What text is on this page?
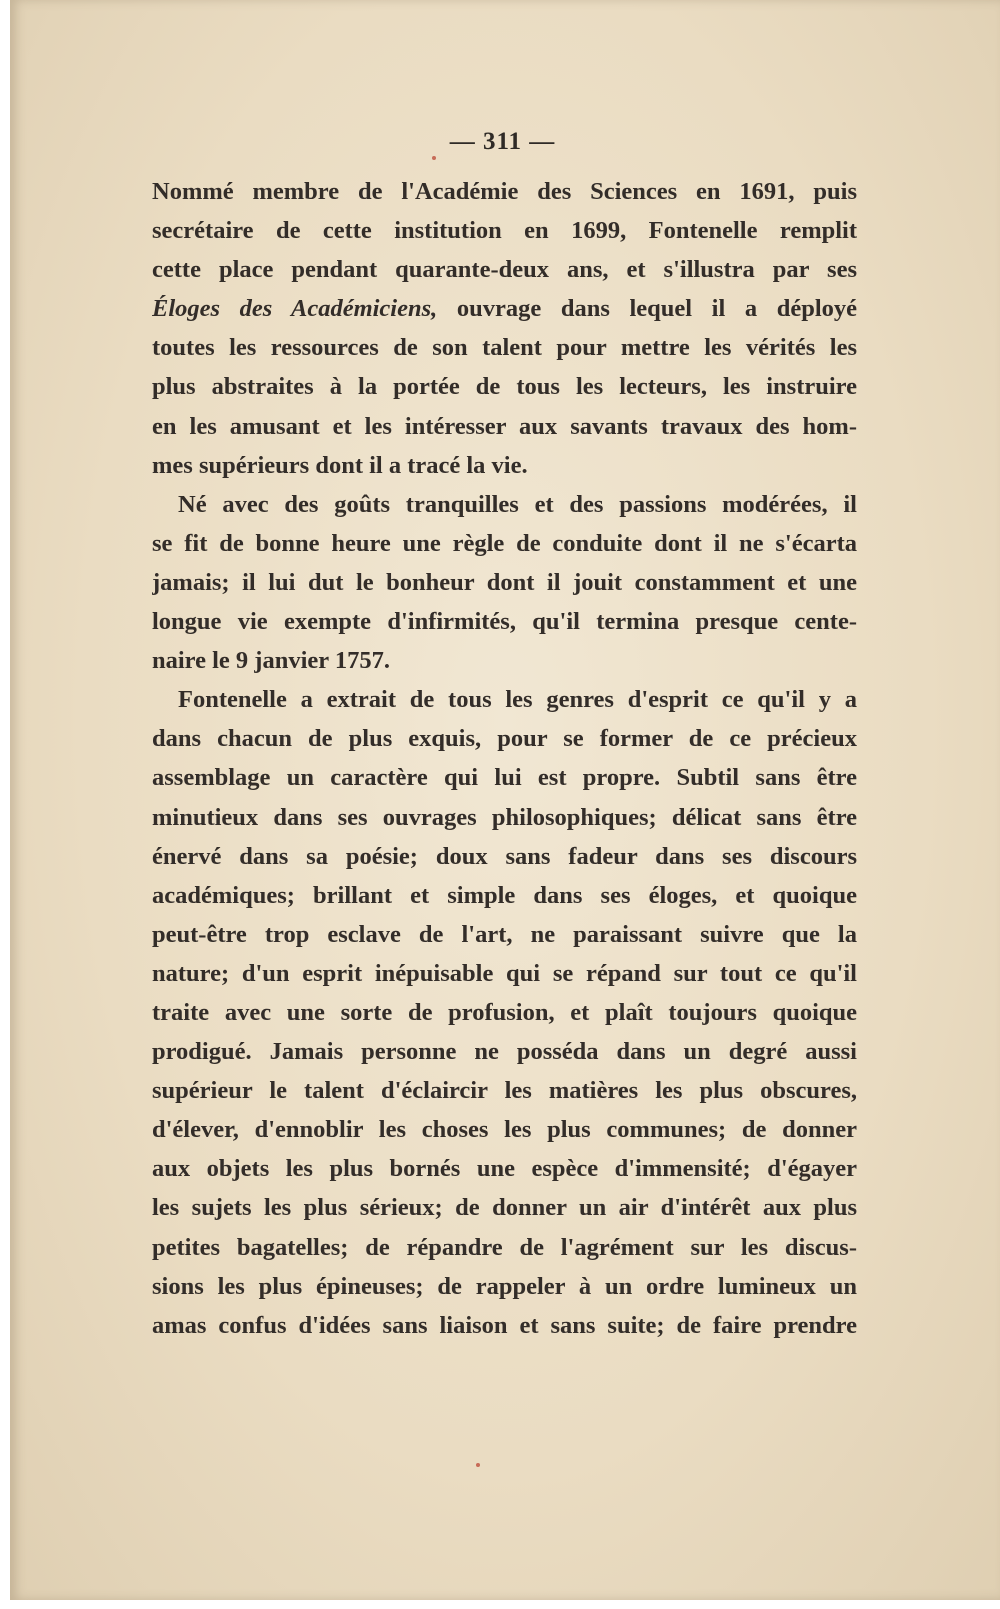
— 311 —
Nommé membre de l'Académie des Sciences en 1691, puis
secrétaire de cette institution en 1699, Fontenelle remplit
cette place pendant quarante-deux ans, et s'illustra par ses
Éloges des Académiciens, ouvrage dans lequel il a déployé
toutes les ressources de son talent pour mettre les vérités les
plus abstraites à la portée de tous les lecteurs, les instruire
en les amusant et les intéresser aux savants travaux des hom-
mes supérieurs dont il a tracé la vie.
Né avec des goûts tranquilles et des passions modérées, il
se fit de bonne heure une règle de conduite dont il ne s'écarta
jamais; il lui dut le bonheur dont il jouit constamment et une
longue vie exempte d'infirmités, qu'il termina presque cente-
naire le 9 janvier 1757.
Fontenelle a extrait de tous les genres d'esprit ce qu'il y a
dans chacun de plus exquis, pour se former de ce précieux
assemblage un caractère qui lui est propre. Subtil sans être
minutieux dans ses ouvrages philosophiques; délicat sans être
énervé dans sa poésie; doux sans fadeur dans ses discours
académiques; brillant et simple dans ses éloges, et quoique
peut-être trop esclave de l'art, ne paraissant suivre que la
nature; d'un esprit inépuisable qui se répand sur tout ce qu'il
traite avec une sorte de profusion, et plaît toujours quoique
prodigué. Jamais personne ne posséda dans un degré aussi
supérieur le talent d'éclaircir les matières les plus obscures,
d'élever, d'ennoblir les choses les plus communes; de donner
aux objets les plus bornés une espèce d'immensité; d'égayer
les sujets les plus sérieux; de donner un air d'intérêt aux plus
petites bagatelles; de répandre de l'agrément sur les discus-
sions les plus épineuses; de rappeler à un ordre lumineux un
amas confus d'idées sans liaison et sans suite; de faire prendre
